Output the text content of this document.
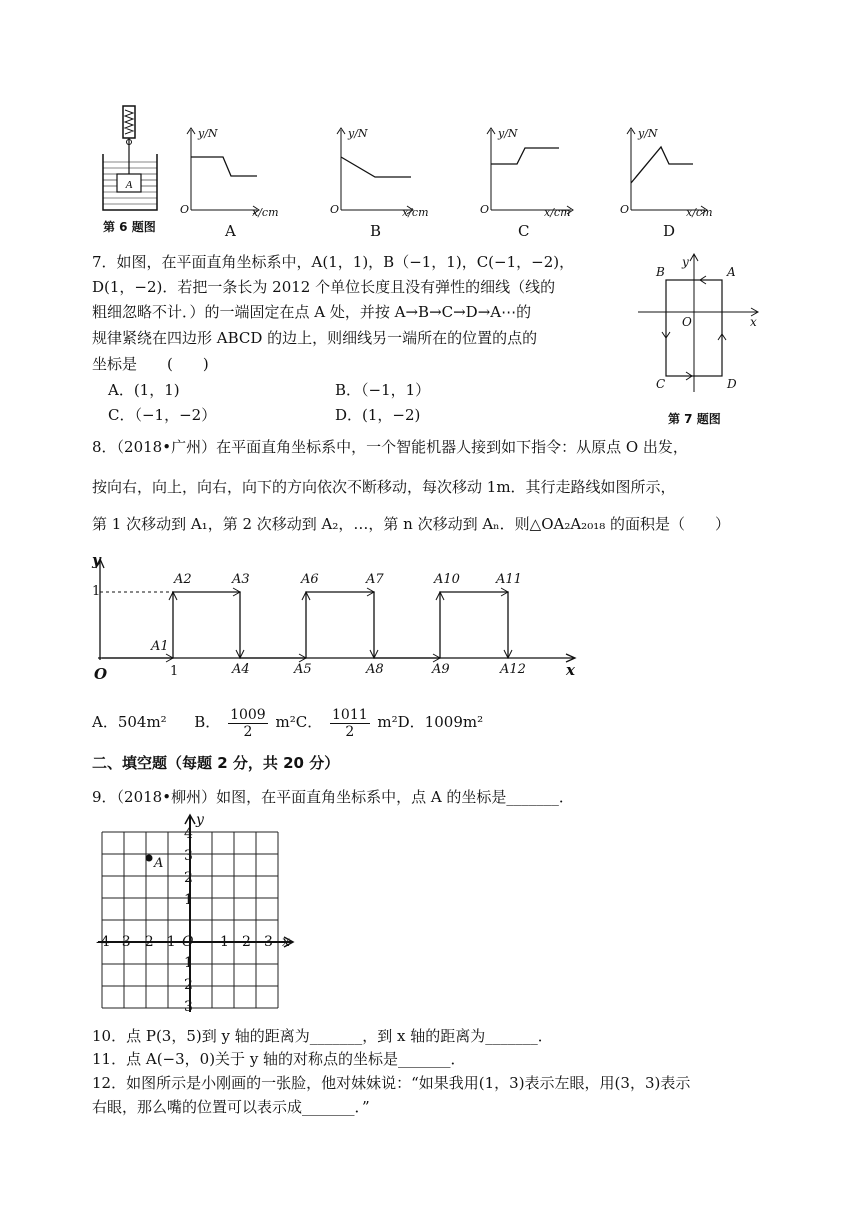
A
y/N	y/N	y/N	y/N
O	O	O	O
x/cm	x/cm	x/cm	x/cm
第 6 题图	A	B	C	D
7．如图，在平面直角坐标系中，A(1，1)，B（−1，1)，C(−1，−2)，
D(1，−2)．若把一条长为 2012 个单位长度且没有弹性的细线（线的
粗细忽略不计．）的一端固定在点 A 处，并按 A→B→C→D→A⋯的
规律紧绕在四边形 ABCD 的边上，则细线另一端所在的位置的点的
坐标是　　(　　)
A．(1，1)	B．（−1，1）
C．（−1，−2）	D．(1，−2)
A
B
C	D
O	x
y
第 7 题图
8．（2018•广州）在平面直角坐标系中，一个智能机器人接到如下指令：从原点 O 出发，
按向右，向上，向右，向下的方向依次不断移动，每次移动 1m．其行走路线如图所示，
第 1 次移动到 A₁，第 2 次移动到 A₂，…，第 n 次移动到 Aₙ．则△OA₂A₂₀₁₈ 的面积是（　　）
y
x
O
1
1
A1
A2	A3
A4	A5
A6	A7
A8	A9
A10	A11
A12
A．504m² B． $\frac{1009}{2} m^2C$． $\frac{1011}{2} m^2D$．1009m²
二、填空题（每题 2 分，共 20 分）
9．（2018•柳州）如图，在平面直角坐标系中，点 A 的坐标是_______．
y
x
A
O
4
3
2
1
1
2
3
-4 -3 -2 -1	1 2 3
10．点 P(3，5)到 y 轴的距离为_______，到 x 轴的距离为_______．
11．点 A(−3，0)关于 y 轴的对称点的坐标是_______．
12．如图所示是小刚画的一张脸，他对妹妹说：“如果我用(1，3)表示左眼，用(3，3)表示
右眼，那么嘴的位置可以表示成_______．”
